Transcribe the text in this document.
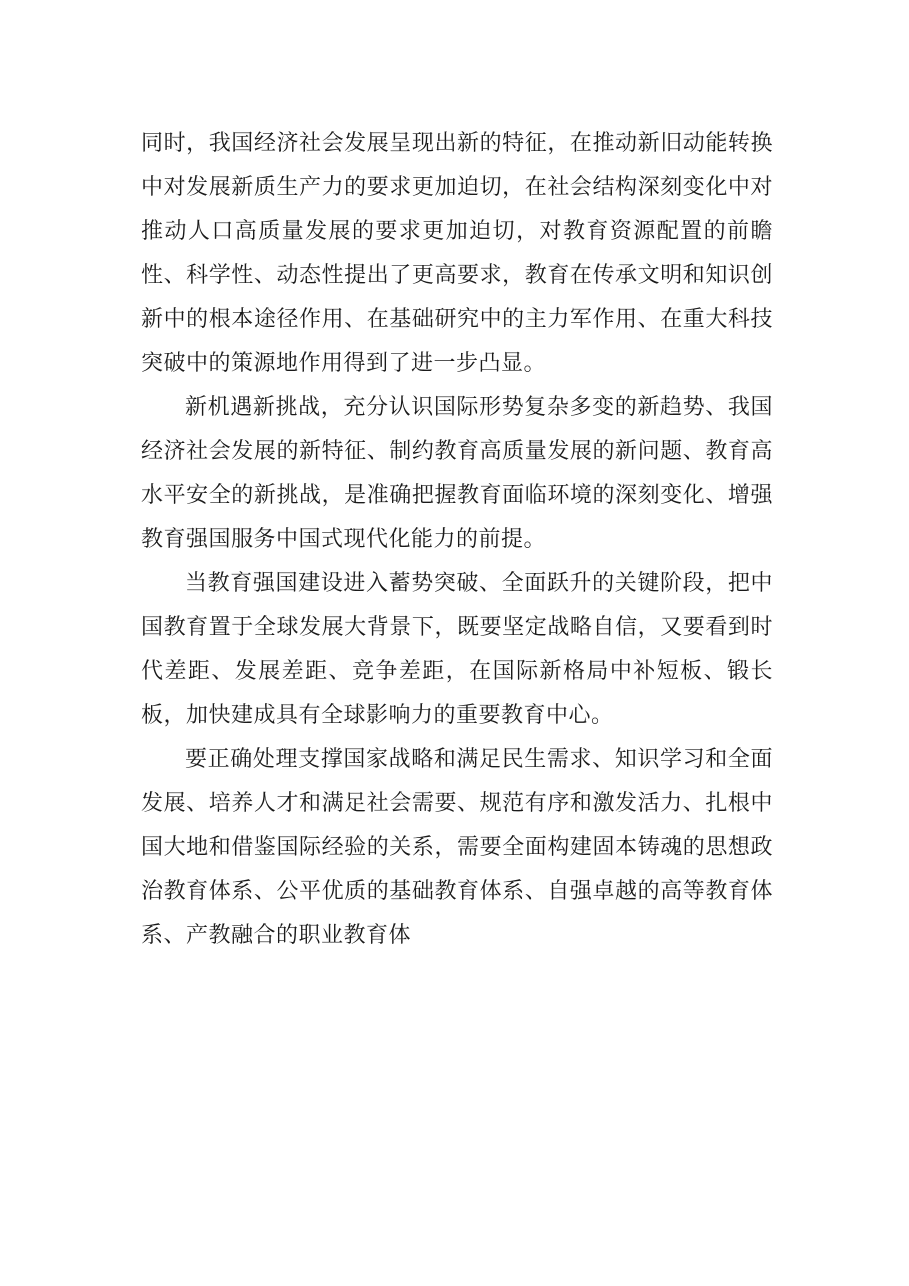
同时，我国经济社会发展呈现出新的特征，在推动新旧动能转换中对发展新质生产力的要求更加迫切，在社会结构深刻变化中对推动人口高质量发展的要求更加迫切，对教育资源配置的前瞻性、科学性、动态性提出了更高要求，教育在传承文明和知识创新中的根本途径作用、在基础研究中的主力军作用、在重大科技突破中的策源地作用得到了进一步凸显。

新机遇新挑战，充分认识国际形势复杂多变的新趋势、我国经济社会发展的新特征、制约教育高质量发展的新问题、教育高水平安全的新挑战，是准确把握教育面临环境的深刻变化、增强教育强国服务中国式现代化能力的前提。

当教育强国建设进入蓄势突破、全面跃升的关键阶段，把中国教育置于全球发展大背景下，既要坚定战略自信，又要看到时代差距、发展差距、竞争差距，在国际新格局中补短板、锻长板，加快建成具有全球影响力的重要教育中心。

要正确处理支撑国家战略和满足民生需求、知识学习和全面发展、培养人才和满足社会需要、规范有序和激发活力、扎根中国大地和借鉴国际经验的关系，需要全面构建固本铸魂的思想政治教育体系、公平优质的基础教育体系、自强卓越的高等教育体系、产教融合的职业教育体
